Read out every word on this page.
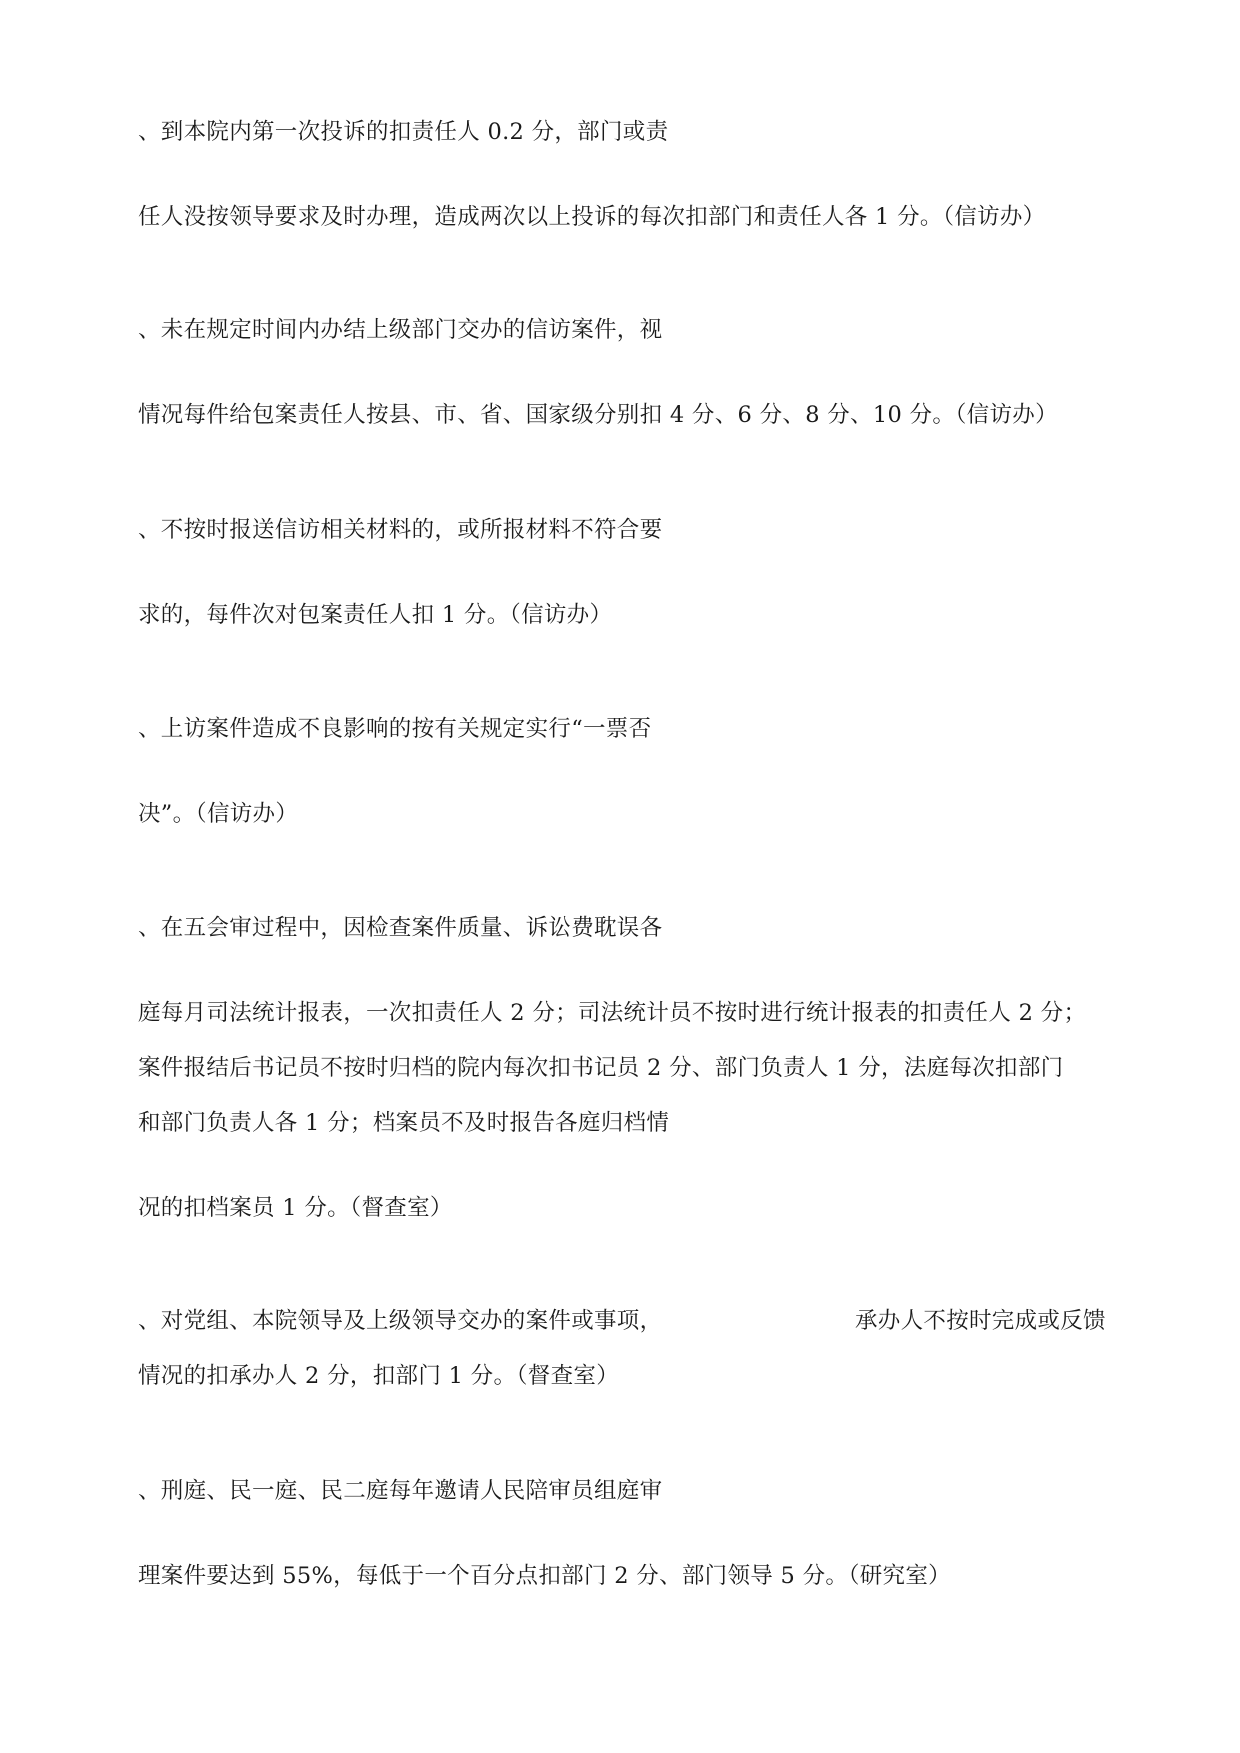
、到本院内第一次投诉的扣责任人 0.2 分，部门或责
任人没按领导要求及时办理，造成两次以上投诉的每次扣部门和责任人各 1 分。（信访办）
、未在规定时间内办结上级部门交办的信访案件，视
情况每件给包案责任人按县、市、省、国家级分别扣 4 分、6 分、8 分、10 分。（信访办）
、不按时报送信访相关材料的，或所报材料不符合要
求的，每件次对包案责任人扣 1 分。（信访办）
、上访案件造成不良影响的按有关规定实行“一票否
决”。（信访办）
、在五会审过程中，因检查案件质量、诉讼费耽误各
庭每月司法统计报表，一次扣责任人 2 分；司法统计员不按时进行统计报表的扣责任人 2 分；
案件报结后书记员不按时归档的院内每次扣书记员 2 分、部门负责人 1 分，法庭每次扣部门
和部门负责人各 1 分；档案员不及时报告各庭归档情
况的扣档案员 1 分。（督查室）
、对党组、本院领导及上级领导交办的案件或事项，	承办人不按时完成或反馈
情况的扣承办人 2 分，扣部门 1 分。（督查室）
、刑庭、民一庭、民二庭每年邀请人民陪审员组庭审
理案件要达到 55%，每低于一个百分点扣部门 2 分、部门领导 5 分。（研究室）
